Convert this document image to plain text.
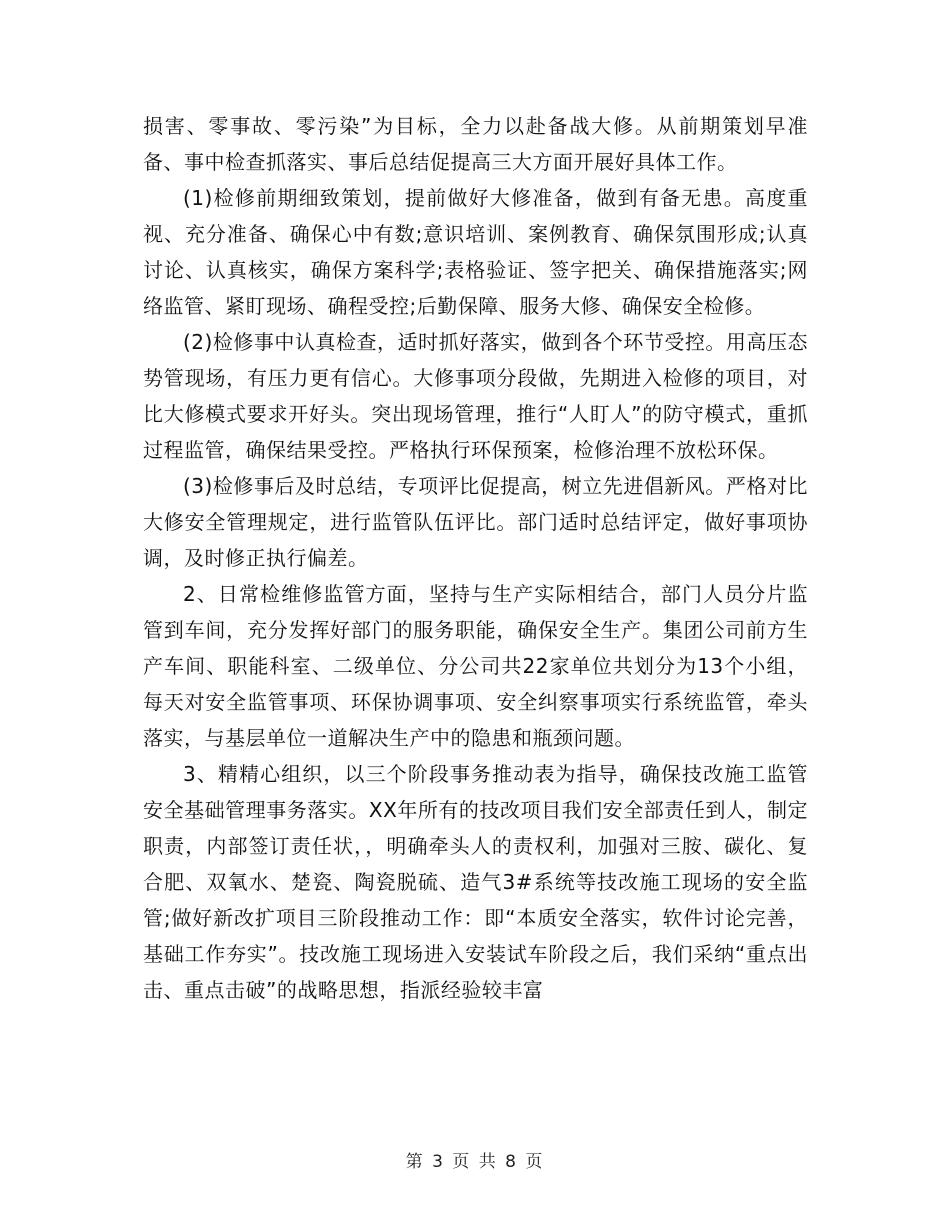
损害、零事故、零污染”为目标，全力以赴备战大修。从前期策划早准备、事中检查抓落实、事后总结促提高三大方面开展好具体工作。

(1)检修前期细致策划，提前做好大修准备，做到有备无患。高度重视、充分准备、确保心中有数;意识培训、案例教育、确保氛围形成;认真讨论、认真核实，确保方案科学;表格验证、签字把关、确保措施落实;网络监管、紧盯现场、确程受控;后勤保障、服务大修、确保安全检修。

(2)检修事中认真检查，适时抓好落实，做到各个环节受控。用高压态势管现场，有压力更有信心。大修事项分段做，先期进入检修的项目，对比大修模式要求开好头。突出现场管理，推行“人盯人”的防守模式，重抓过程监管，确保结果受控。严格执行环保预案，检修治理不放松环保。

(3)检修事后及时总结，专项评比促提高，树立先进倡新风。严格对比大修安全管理规定，进行监管队伍评比。部门适时总结评定，做好事项协调，及时修正执行偏差。

2、日常检维修监管方面，坚持与生产实际相结合，部门人员分片监管到车间，充分发挥好部门的服务职能，确保安全生产。集团公司前方生产车间、职能科室、二级单位、分公司共22家单位共划分为13个小组，每天对安全监管事项、环保协调事项、安全纠察事项实行系统监管，牵头落实，与基层单位一道解决生产中的隐患和瓶颈问题。

3、精精心组织，以三个阶段事务推动表为指导，确保技改施工监管安全基础管理事务落实。XX年所有的技改项目我们安全部责任到人，制定职责，内部签订责任状，，明确牵头人的责权利，加强对三胺、碳化、复合肥、双氧水、楚瓷、陶瓷脱硫、造气3#系统等技改施工现场的安全监管;做好新改扩项目三阶段推动工作：即“本质安全落实，软件讨论完善，基础工作夯实”。技改施工现场进入安装试车阶段之后，我们采纳“重点出击、重点击破”的战略思想，指派经验较丰富

第 3 页 共 8 页
